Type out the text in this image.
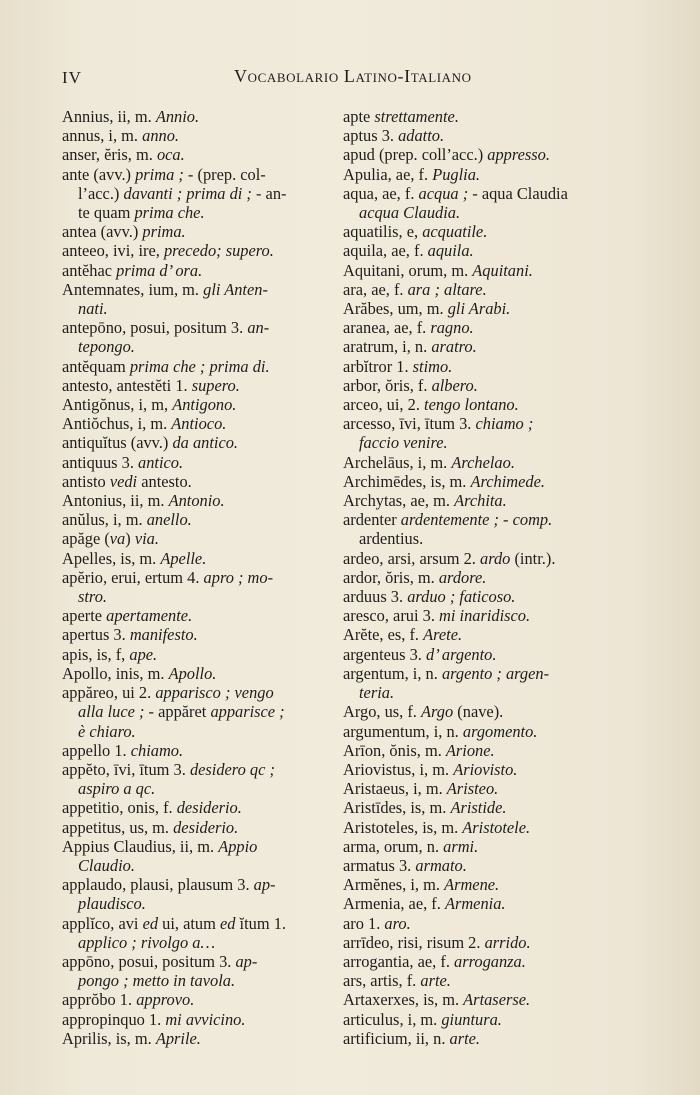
IV	Vocabolario Latino-Italiano
Annius, ii, m. Annio.
annus, i, m. anno.
anser, ĕris, m. oca.
ante (avv.) prima ; - (prep. col-
l’acc.) davanti ; prima di ; - an-
te quam prima che.
antea (avv.) prima.
anteeo, ivi, ire, precedo; supero.
antĕhac prima d’ ora.
Antemnates, ium, m. gli Anten-
nati.
antepōno, posui, positum 3. an-
tepongo.
antĕquam prima che ; prima di.
antesto, antestĕti 1. supero.
Antigŏnus, i, m, Antigono.
Antiŏchus, i, m. Antioco.
antiquĭtus (avv.) da antico.
antiquus 3. antico.
antisto vedi antesto.
Antonius, ii, m. Antonio.
anŭlus, i, m. anello.
apăge (va) via.
Apelles, is, m. Apelle.
apĕrio, erui, ertum 4. apro ; mo-
stro.
aperte apertamente.
apertus 3. manifesto.
apis, is, f, ape.
Apollo, inis, m. Apollo.
appăreo, ui 2. apparisco ; vengo
alla luce ; - appăret apparisce ;
è chiaro.
appello 1. chiamo.
appĕto, īvi, ītum 3. desidero qc ;
aspiro a qc.
appetitio, onis, f. desiderio.
appetitus, us, m. desiderio.
Appius Claudius, ii, m. Appio
Claudio.
applaudo, plausi, plausum 3. ap-
plaudisco.
applĭco, avi ed ui, atum ed ĭtum 1.
applico ; rivolgo a…
appōno, posui, positum 3. ap-
pongo ; metto in tavola.
apprŏbo 1. approvo.
appropinquo 1. mi avvicino.
Aprilis, is, m. Aprile.
apte strettamente.
aptus 3. adatto.
apud (prep. coll’acc.) appresso.
Apulia, ae, f. Puglia.
aqua, ae, f. acqua ; - aqua Claudia
acqua Claudia.
aquatilis, e, acquatile.
aquila, ae, f. aquila.
Aquitani, orum, m. Aquitani.
ara, ae, f. ara ; altare.
Arăbes, um, m. gli Arabi.
aranea, ae, f. ragno.
aratrum, i, n. aratro.
arbĭtror 1. stimo.
arbor, ŏris, f. albero.
arceo, ui, 2. tengo lontano.
arcesso, īvi, ītum 3. chiamo ;
faccio venire.
Archelāus, i, m. Archelao.
Archimēdes, is, m. Archimede.
Archytas, ae, m. Archita.
ardenter ardentemente ; - comp.
ardentius.
ardeo, arsi, arsum 2. ardo (intr.).
ardor, ŏris, m. ardore.
arduus 3. arduo ; faticoso.
aresco, arui 3. mi inaridisco.
Arĕte, es, f. Arete.
argenteus 3. d’ argento.
argentum, i, n. argento ; argen-
teria.
Argo, us, f. Argo (nave).
argumentum, i, n. argomento.
Arīon, ŏnis, m. Arione.
Ariovistus, i, m. Ariovisto.
Aristaeus, i, m. Aristeo.
Aristīdes, is, m. Aristide.
Aristoteles, is, m. Aristotele.
arma, orum, n. armi.
armatus 3. armato.
Armĕnes, i, m. Armene.
Armenia, ae, f. Armenia.
aro 1. aro.
arrīdeo, risi, risum 2. arrido.
arrogantia, ae, f. arroganza.
ars, artis, f. arte.
Artaxerxes, is, m. Artaserse.
articulus, i, m. giuntura.
artificium, ii, n. arte.
